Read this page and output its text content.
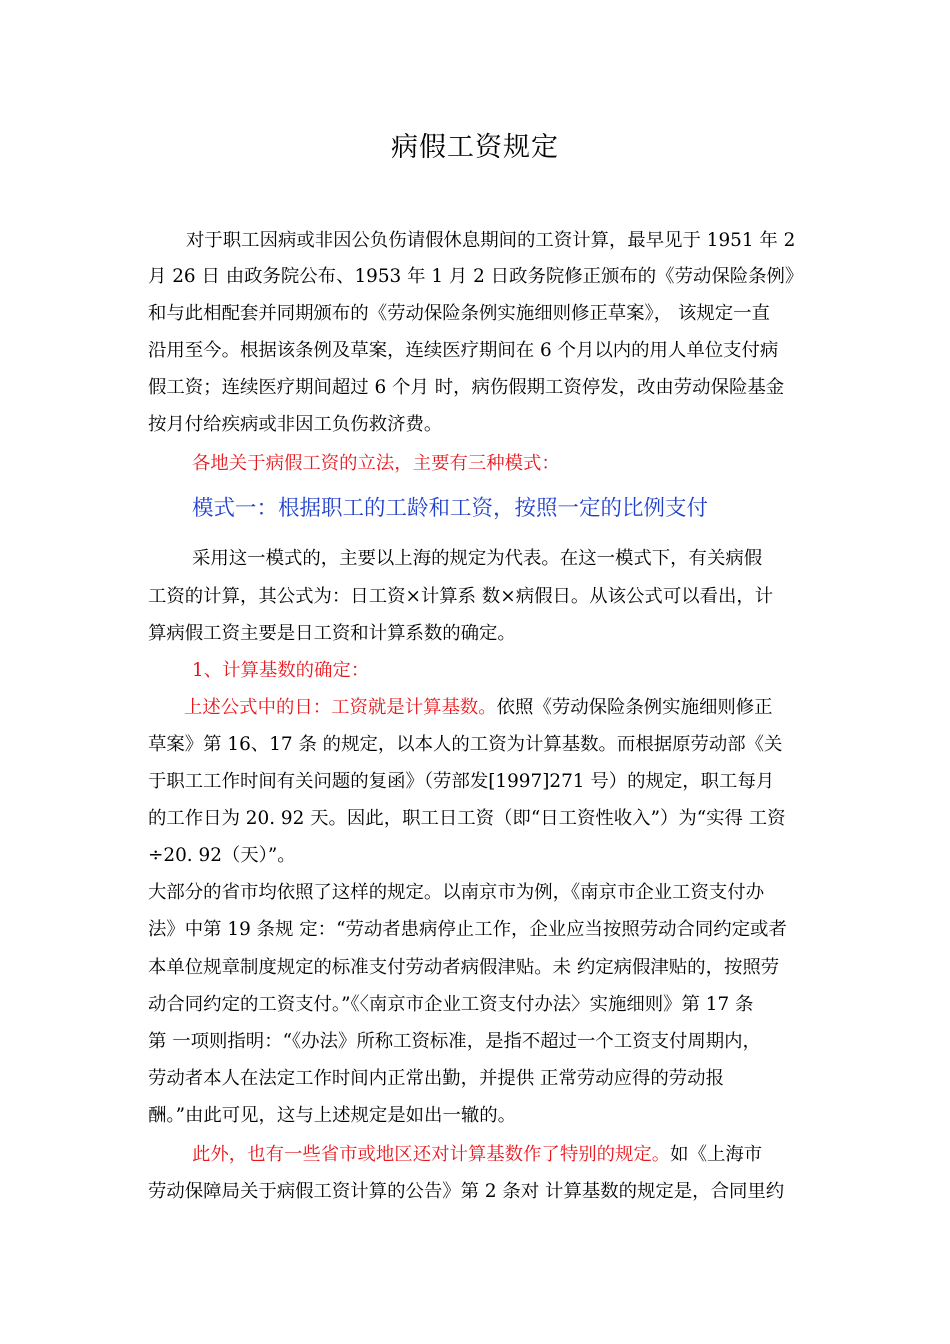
病假工资规定
对于职工因病或非因公负伤请假休息期间的工资计算，最早见于 1951 年 2
月 26 日 由政务院公布、1953 年 1 月 2 日政务院修正颁布的《劳动保险条例》
和与此相配套并同期颁布的《劳动保险条例实施细则修正草案》， 该规定一直
沿用至今。根据该条例及草案，连续医疗期间在 6 个月以内的用人单位支付病
假工资；连续医疗期间超过 6 个月 时，病伤假期工资停发，改由劳动保险基金
按月付给疾病或非因工负伤救济费。
各地关于病假工资的立法，主要有三种模式：
模式一：根据职工的工龄和工资，按照一定的比例支付
采用这一模式的，主要以上海的规定为代表。在这一模式下，有关病假
工资的计算，其公式为：日工资×计算系 数×病假日。从该公式可以看出，计
算病假工资主要是日工资和计算系数的确定。
1、计算基数的确定：
上述公式中的日：工资就是计算基数。依照《劳动保险条例实施细则修正
草案》第 16、17 条 的规定，以本人的工资为计算基数。而根据原劳动部《关
于职工工作时间有关问题的复函》（劳部发[1997]271 号）的规定，职工每月
的工作日为 20. 92 天。因此，职工日工资（即“日工资性收入”）为“实得 工资
÷20. 92（天）”。
大部分的省市均依照了这样的规定。以南京市为例，《南京市企业工资支付办
法》中第 19 条规 定：“劳动者患病停止工作，企业应当按照劳动合同约定或者
本单位规章制度规定的标准支付劳动者病假津贴。未 约定病假津贴的，按照劳
动合同约定的工资支付。”《〈南京市企业工资支付办法〉实施细则》第 17 条
第 一项则指明：“《办法》所称工资标准，是指不超过一个工资支付周期内，
劳动者本人在法定工作时间内正常出勤，并提供 正常劳动应得的劳动报
酬。”由此可见，这与上述规定是如出一辙的。
此外，也有一些省市或地区还对计算基数作了特别的规定。如《上海市
劳动保障局关于病假工资计算的公告》第 2 条对 计算基数的规定是，合同里约
